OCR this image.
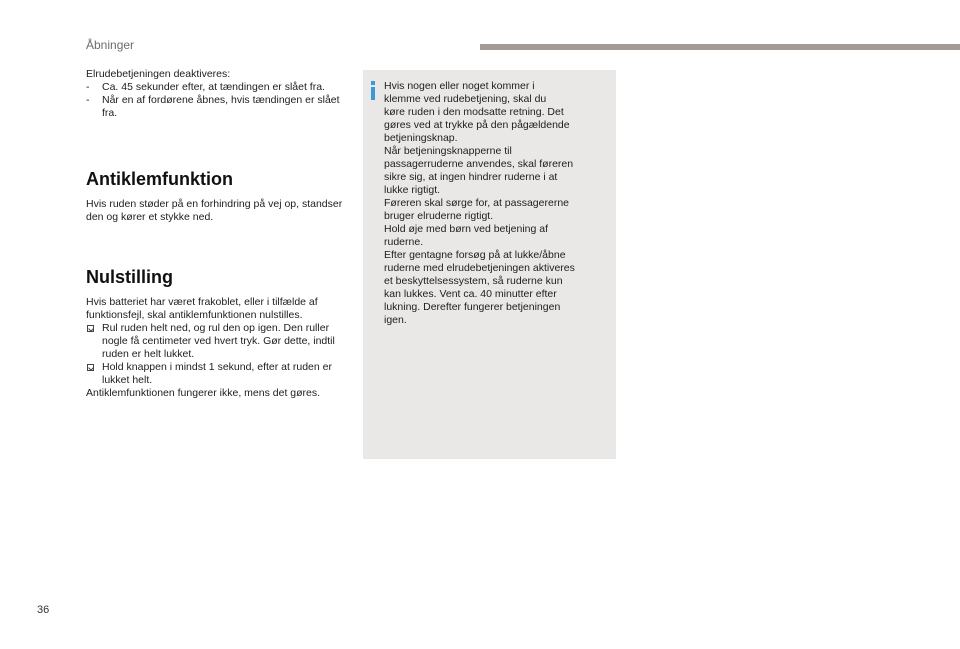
Åbninger

Elrudebetjeningen deaktiveres:

- Ca. 45 sekunder efter, at tændingen er slået fra.
- Når en af fordørene åbnes, hvis tændingen er slået fra.
Antiklemfunktion

Hvis ruden støder på en forhindring på vej op, standser den og kører et stykke ned.

Nulstilling

Hvis batteriet har været frakoblet, eller i tilfælde af funktionsfejl, skal antiklemfunktionen nulstilles.

Rul ruden helt ned, og rul den op igen. Den ruller nogle få centimeter ved hvert tryk. Gør dette, indtil ruden er helt lukket.
Hold knappen i mindst 1 sekund, efter at ruden er lukket helt.

Antiklemfunktionen fungerer ikke, mens det gøres.

Hvis nogen eller noget kommer i
klemme ved rudebetjening, skal du
køre ruden i den modsatte retning. Det
gøres ved at trykke på den pågældende
betjeningsknap.
Når betjeningsknapperne til
passagerruderne anvendes, skal føreren
sikre sig, at ingen hindrer ruderne i at
lukke rigtigt.
Føreren skal sørge for, at passagererne
bruger elruderne rigtigt.
Hold øje med børn ved betjening af
ruderne.
Efter gentagne forsøg på at lukke/åbne
ruderne med elrudebetjeningen aktiveres
et beskyttelsessystem, så ruderne kun
kan lukkes. Vent ca. 40 minutter efter
lukning. Derefter fungerer betjeningen
igen.

36
